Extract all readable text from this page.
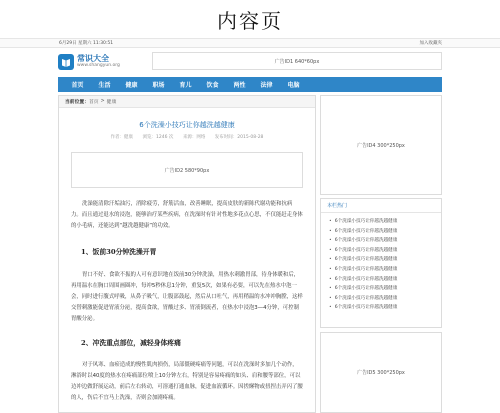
内容页
6月29日 星期六 11:30:51	加入收藏夹
常识大全
www.shangyun.org
广告ID1 640*60px
首页	生活	健康	职场	育儿	饮食	两性	法律	电脑
当前位置： 首页 > 健康
6个洗澡小技巧让你越洗越健康
作者：健康 浏览：1246 次 来源：网络 发布时间：2015-08-28
广告ID2 580*90px

洗澡能清除汗垢油污，消除疲劳，舒筋活血，改善睡眠，提高皮肤的新陈代谢功能和抗病力。而且通过退水的浸泡，能够治疗某些疾病，在洗澡时有针对性地多花点心思，不仅能赶走身体的小毛病，还能达到“越洗越健康”的功效。

1、饭前30分钟洗澡开胃

胃口不好、食欲不振的人可有意识地在饭前30分钟洗澡，用热水刺激胃部，待身体暖和后，再用温水在胸口周围画圈冲，每冲5秒休息1分钟，重复5次，如果有必要，可以先在热水中泡一会，同时进行腹式呼吸，从鼻子吸气，让腹部鼓起，然后从口吐气，再用稍温的水冲冲胸膛，这样交替刺激能促进胃液分泌，提高食欲，胃酸过多、胃液倒流者，在热水中浸泡3—4分钟，可控制胃酸分泌。

2、冲洗重点部位，减轻身体疼痛

对于风寒、血瘀造成的慢性肌肉损伤，局部僵硬疼痛等问题，可以在洗澡时多加几个动作，淋浴时以40度的热水在疼痛部位喷上10分钟左右，特别是容易疼痛的如头、肩和腰等部位，可以边冲边做舒展运动，前后左右转动，可溶通打通血脉，促进血液循环。因搓窿物或扭捏击弄闪了腰的人，伤后不宜马上洗澡，否则会加剧疼痛。

广告ID4 300*250px
本栏热门
• 6个洗澡小技巧让你越洗越健康
• 6个洗澡小技巧让你越洗越健康
• 6个洗澡小技巧让你越洗越健康
• 6个洗澡小技巧让你越洗越健康
• 6个洗澡小技巧让你越洗越健康
• 6个洗澡小技巧让你越洗越健康
• 6个洗澡小技巧让你越洗越健康
• 6个洗澡小技巧让你越洗越健康
• 6个洗澡小技巧让你越洗越健康
• 6个洗澡小技巧让你越洗越健康
广告ID5 300*250px
